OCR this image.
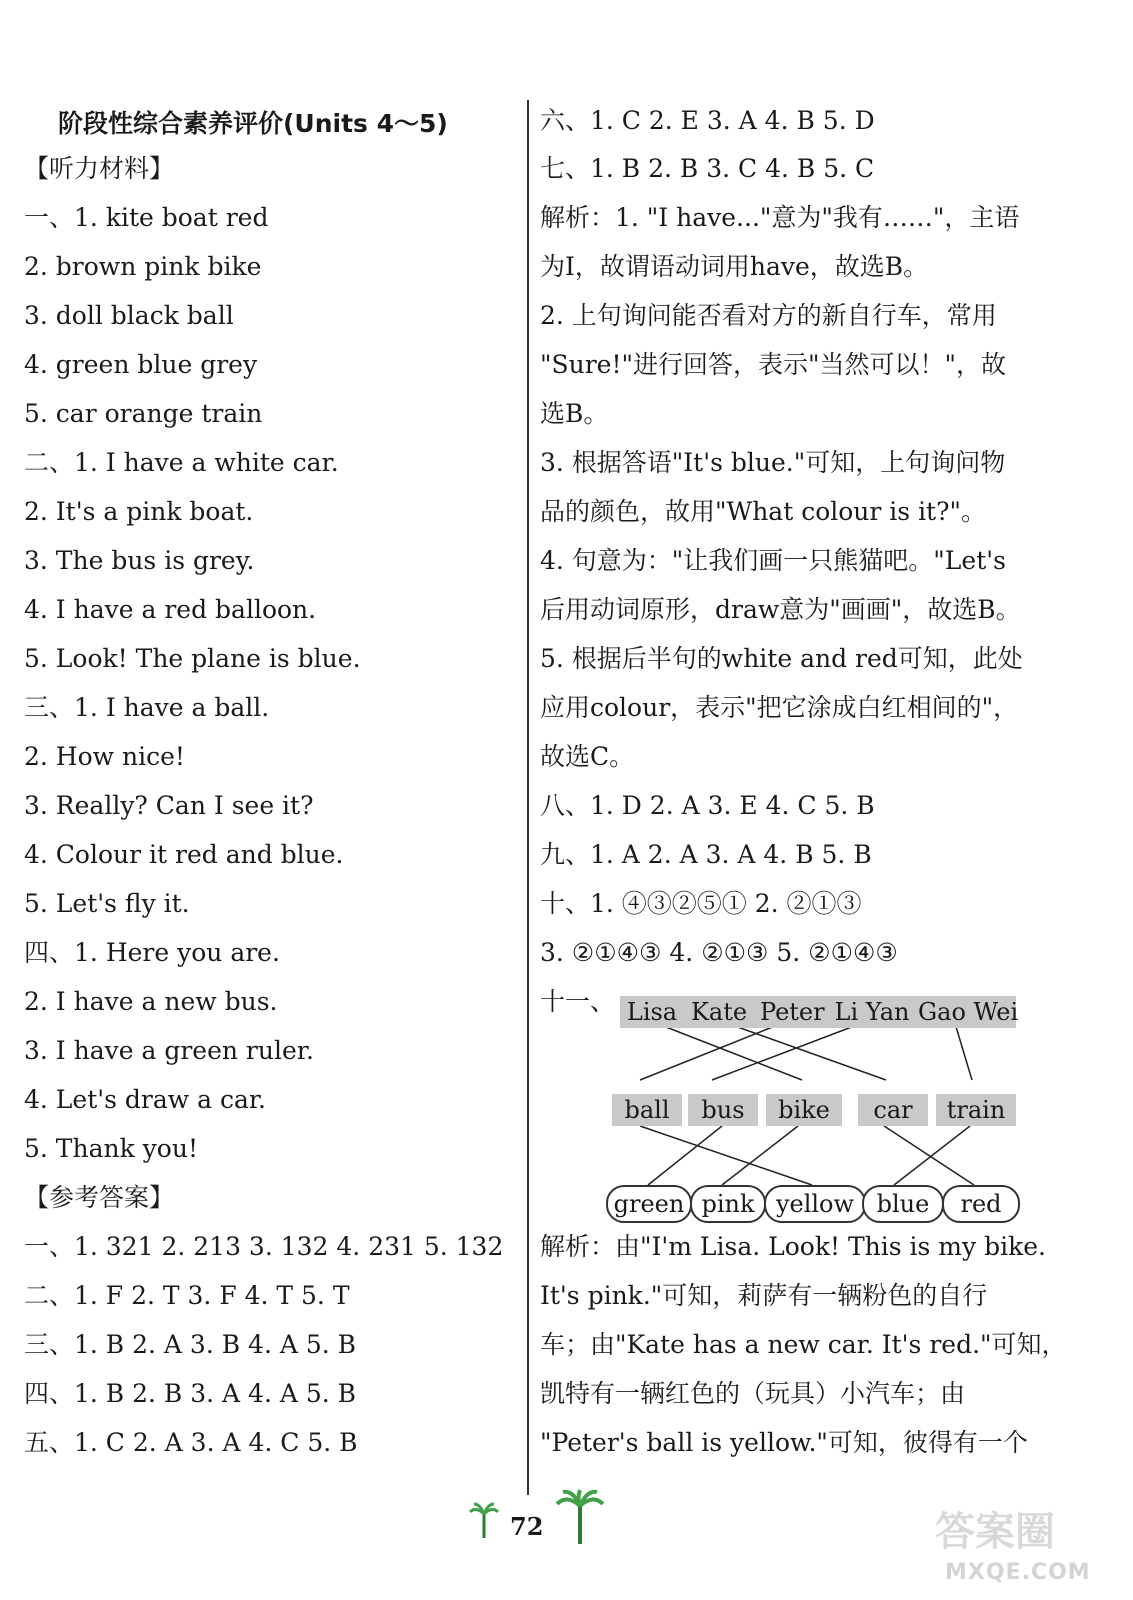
阶段性综合素养评价(Units 4～5)
【听力材料】
一、1. kite boat red
2. brown pink bike
3. doll black ball
4. green blue grey
5. car orange train
二、1. I have a white car.
2. It's a pink boat.
3. The bus is grey.
4. I have a red balloon.
5. Look! The plane is blue.
三、1. I have a ball.
2. How nice!
3. Really? Can I see it?
4. Colour it red and blue.
5. Let's fly it.
四、1. Here you are.
2. I have a new bus.
3. I have a green ruler.
4. Let's draw a car.
5. Thank you!
【参考答案】
一、1. 321 2. 213 3. 132 4. 231 5. 132
二、1. F 2. T 3. F 4. T 5. T
三、1. B 2. A 3. B 4. A 5. B
四、1. B 2. B 3. A 4. A 5. B
五、1. C 2. A 3. A 4. C 5. B
六、1. C 2. E 3. A 4. B 5. D
七、1. B 2. B 3. C 4. B 5. C
解析：1. "I have..."意为"我有……"，主语
为I，故谓语动词用have，故选B。
2. 上句询问能否看对方的新自行车，常用
"Sure!"进行回答，表示"当然可以！"，故
选B。
3. 根据答语"It's blue."可知，上句询问物
品的颜色，故用"What colour is it?"。
4. 句意为："让我们画一只熊猫吧。"Let's
后用动词原形，draw意为"画画"，故选B。
5. 根据后半句的white and red可知，此处
应用colour，表示"把它涂成白红相间的"，
故选C。
八、1. D 2. A 3. E 4. C 5. B
九、1. A 2. A 3. A 4. B 5. B
十、1. ④③②⑤① 2. ②①③
3. ②①④③ 4. ②①③ 5. ②①④③
十一、 Lisa Kate Peter Li Yan Gao Wei
ball	bus	bike	car	train
green pink yellow blue	red
解析：由"I'm Lisa. Look! This is my bike.
It's pink."可知，莉萨有一辆粉色的自行
车；由"Kate has a new car. It's red."可知，
凯特有一辆红色的（玩具）小汽车；由
"Peter's ball is yellow."可知，彼得有一个
72	答案圈
MXQE.COM
